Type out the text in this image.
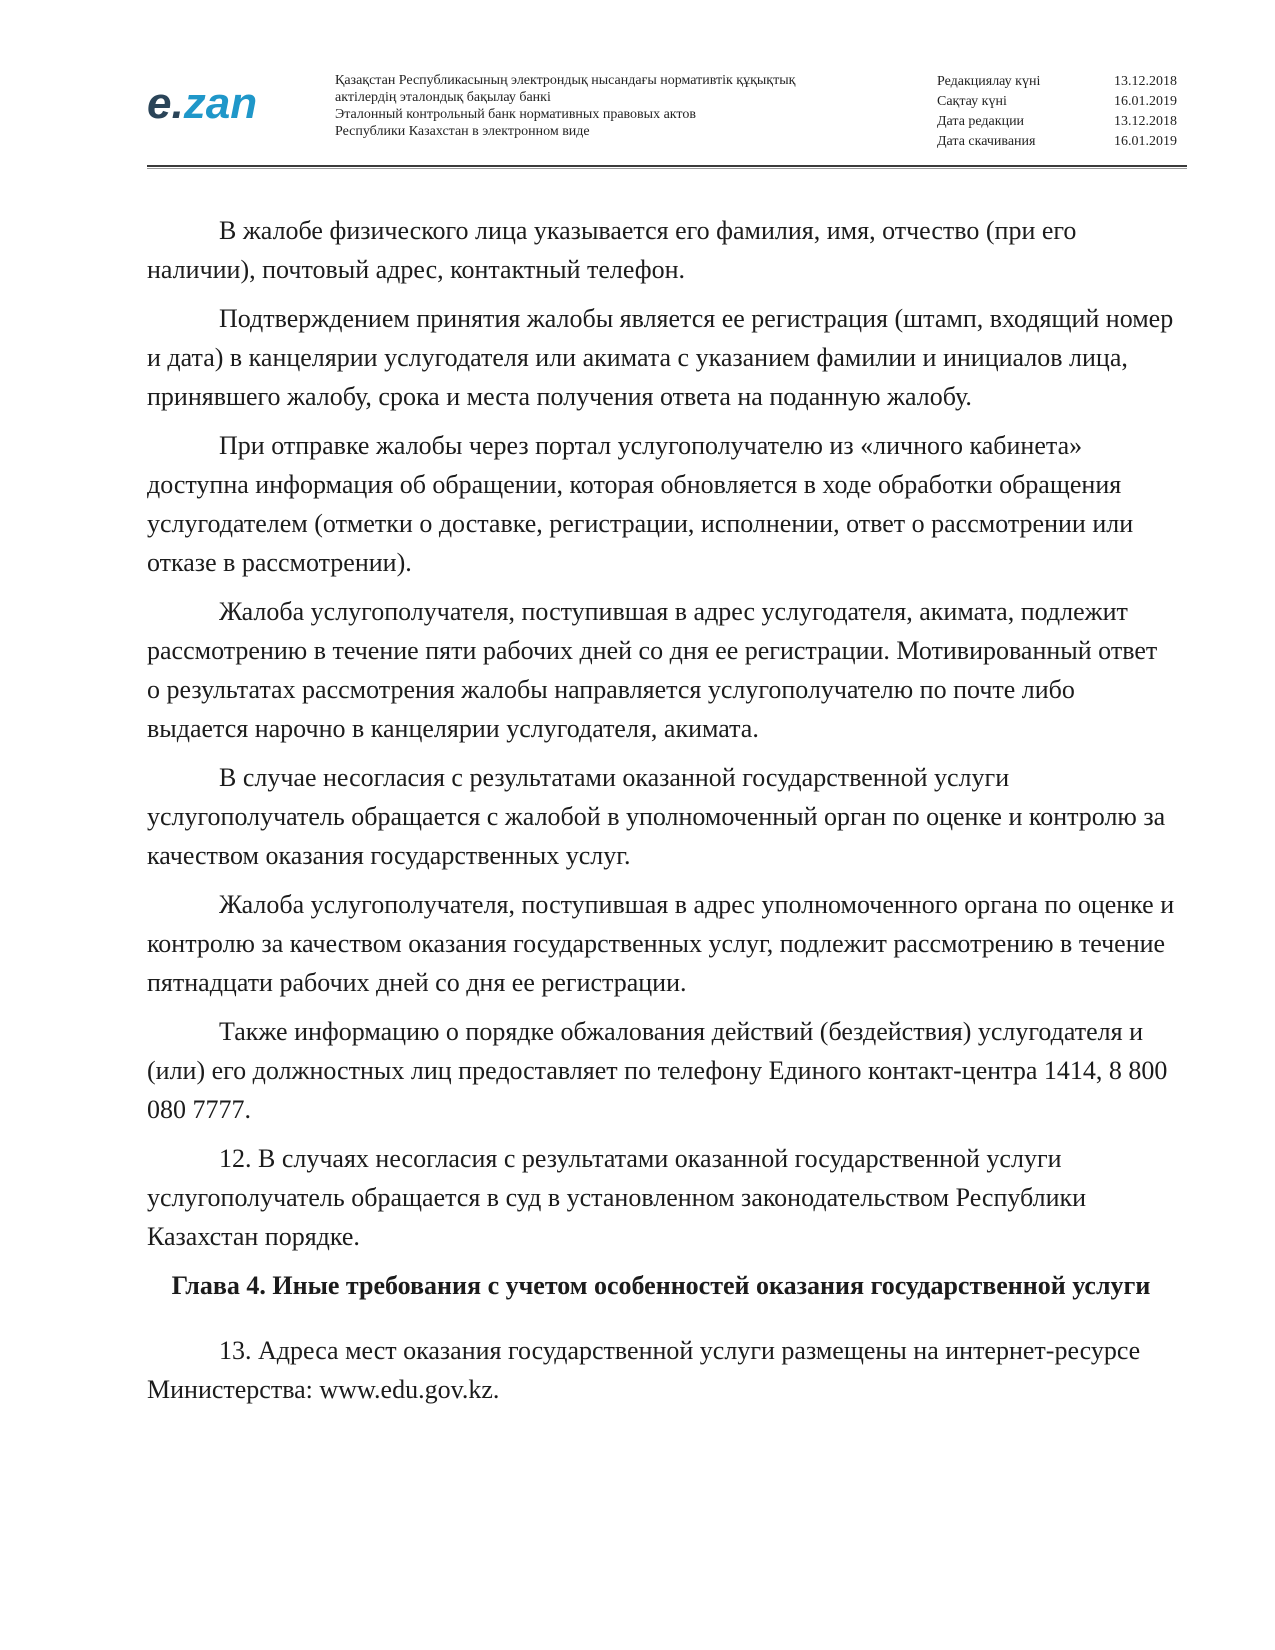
e.zan	Қазақстан Республикасының электрондық нысандағы нормативтік құқықтық
актілердің эталондық бақылау банкі
Эталонный контрольный банк нормативных правовых актов
Республики Казахстан в электронном виде
Редакциялау күні	13.12.2018
Сақтау күні	16.01.2019
Дата редакции	13.12.2018
Дата скачивания	16.01.2019

В жалобе физического лица указывается его фамилия, имя, отчество (при его наличии), почтовый адрес, контактный телефон.

Подтверждением принятия жалобы является ее регистрация (штамп, входящий номер и дата) в канцелярии услугодателя или акимата с указанием фамилии и инициалов лица, принявшего жалобу, срока и места получения ответа на поданную жалобу.

При отправке жалобы через портал услугополучателю из «личного кабинета» доступна информация об обращении, которая обновляется в ходе обработки обращения услугодателем (отметки о доставке, регистрации, исполнении, ответ о рассмотрении или отказе в рассмотрении).

Жалоба услугополучателя, поступившая в адрес услугодателя, акимата, подлежит рассмотрению в течение пяти рабочих дней со дня ее регистрации. Мотивированный ответ о результатах рассмотрения жалобы направляется услугополучателю по почте либо выдается нарочно в канцелярии услугодателя, акимата.

В случае несогласия с результатами оказанной государственной услуги услугополучатель обращается с жалобой в уполномоченный орган по оценке и контролю за качеством оказания государственных услуг.

Жалоба услугополучателя, поступившая в адрес уполномоченного органа по оценке и контролю за качеством оказания государственных услуг, подлежит рассмотрению в течение пятнадцати рабочих дней со дня ее регистрации.

Также информацию о порядке обжалования действий (бездействия) услугодателя и (или) его должностных лиц предоставляет по телефону Единого контакт-центра 1414, 8 800 080 7777.

12. В случаях несогласия с результатами оказанной государственной услуги услугополучатель обращается в суд в установленном законодательством Республики Казахстан порядке.

Глава 4. Иные требования с учетом особенностей оказания государственной услуги

13. Адреса мест оказания государственной услуги размещены на интернет-ресурсе Министерства: www.edu.gov.kz.
